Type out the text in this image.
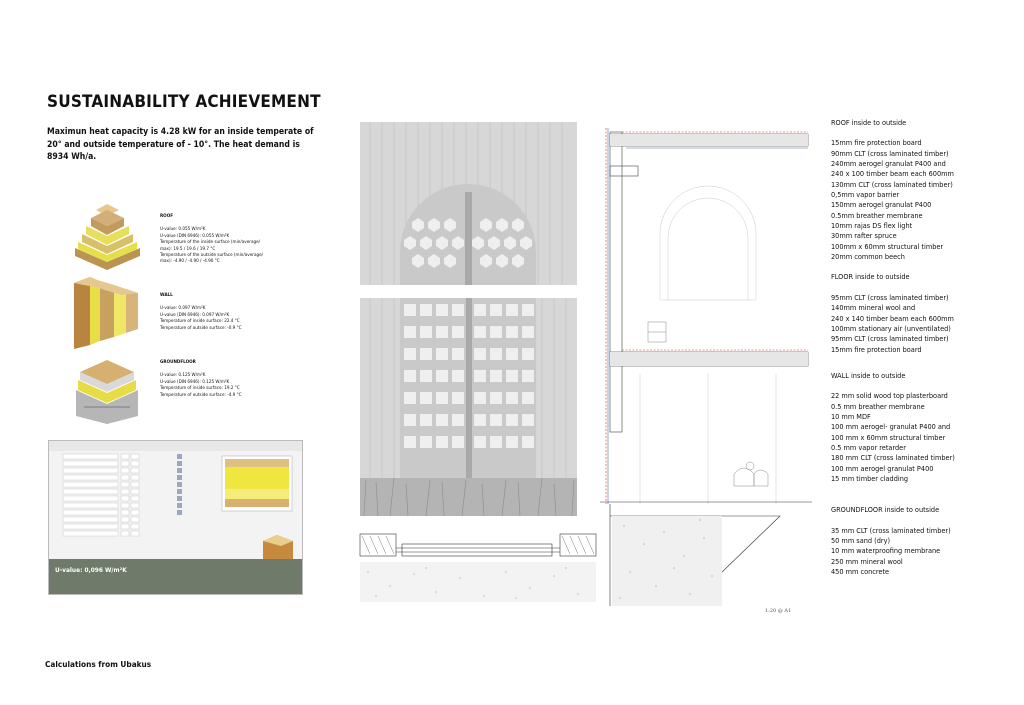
SUSTAINABILITY ACHIEVEMENT
Maximun heat capacity is 4.28 kW for an inside temperate of 20° and outside temperature of - 10°. The heat demand is 8934 Wh/a.
ROOF
U-value: 0.055 W/m²K
U-value (DIN 6946): 0.055 W/m²K
Temperature of the inside surface (min/average/
max): 19.5 / 19.6 / 19.7 °C
Temperature of the outside surface (min/average/
max): -4.90 / -4.90 / -4.90 °C
WALL
U-value: 0.097 W/m²K
U-value (DIN 6946): 0.097 W/m²K
Temperature of inside surface: 22.4 °C
Temperature of outside surface: -0.9 °C
GROUNDFLOOR
U-value: 0.125 W/m²K
U-value (DIN 6946): 0.125 W/m²K
Temperature of inside surface: 19.2 °C
Temperature of outside surface: -4.9 °C
U-value: 0,096 W/m²K
1:20 @ A1
ROOF inside to outside
15mm fire protection board
90mm CLT (cross laminated timber)
240mm aerogel granulat P400 and
240 x 100 timber beam each 600mm
130mm CLT (cross laminated timber)
0,5mm vapor barrier
150mm aerogel granulat P400
0.5mm breather membrane
10mm rajas DS flex light
30mm rafter spruce
100mm x 60mm structural timber
20mm common beech
FLOOR inside to outside
95mm CLT (cross laminated timber)
140mm mineral wool and
240 x 140 timber beam each 600mm
100mm stationary air (unventilated)
95mm CLT (cross laminated timber)
15mm fire protection board
WALL inside to outside
22 mm solid wood top plasterboard
0.5 mm breather membrane
10 mm MDF
100 mm aerogel- granulat P400 and
100 mm x 60mm structural timber
0.5 mm vapor retarder
180 mm CLT (cross laminated timber)
100 mm aerogel granulat P400
15 mm timber cladding
GROUNDFLOOR inside to outside
35 mm CLT (cross laminated timber)
50 mm sand (dry)
10 mm waterproofing membrane
250 mm mineral wool
450 mm concrete
Calculations from Ubakus
